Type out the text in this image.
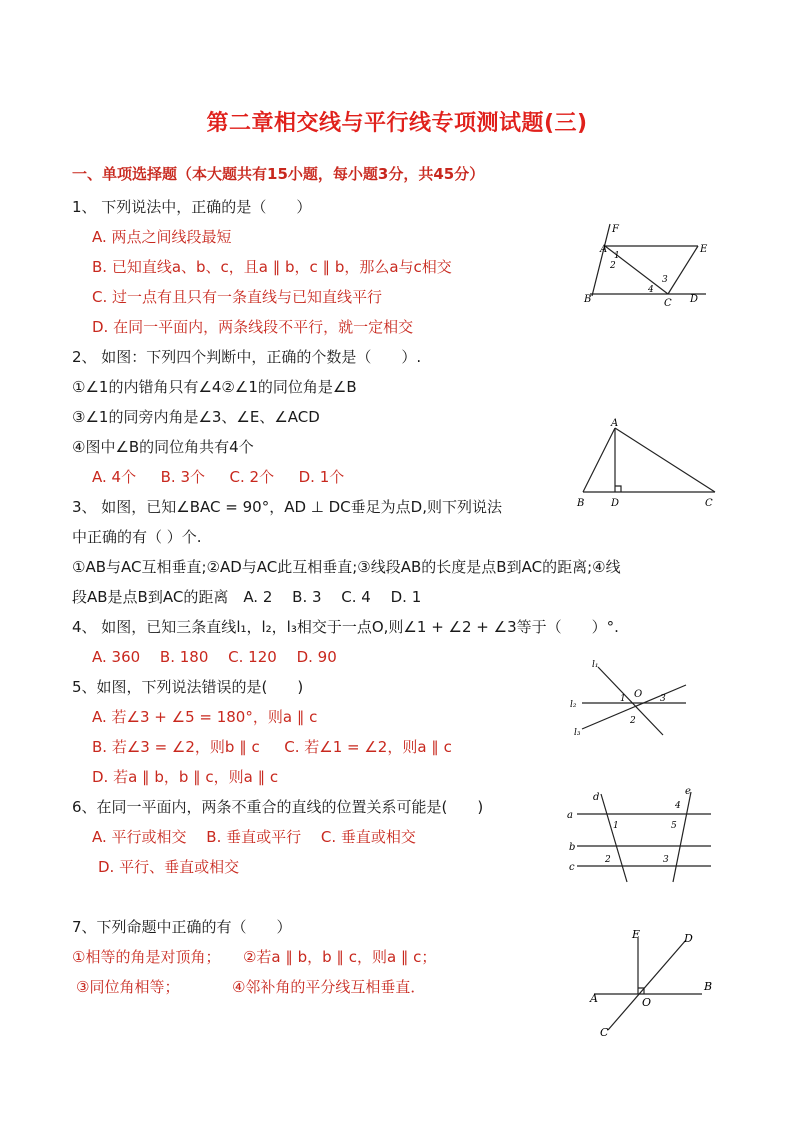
第二章相交线与平行线专项测试题(三)
一、单项选择题（本大题共有15小题，每小题3分，共45分）
1、 下列说法中，正确的是（　　）
A. 两点之间线段最短
B. 已知直线a、b、c，且a ∥ b，c ∥ b，那么a与c相交
C. 过一点有且只有一条直线与已知直线平行
D. 在同一平面内，两条线段不平行，就一定相交
2、 如图：下列四个判断中，正确的个数是（　　）.
①∠1的内错角只有∠4②∠1的同位角是∠B
③∠1的同旁内角是∠3、∠E、∠ACD
④图中∠B的同位角共有4个
A. 4个 　 B. 3个 　 C. 2个 　 D. 1个
3、 如图，已知∠BAC = 90°，AD ⊥ DC垂足为点D,则下列说法
中正确的有（ ）个.
①AB与AC互相垂直;②AD与AC此互相垂直;③线段AB的长度是点B到AC的距离;④线
段AB是点B到AC的距离　A. 2　 B. 3 　C. 4 　D. 1
4、 如图，已知三条直线l₁，l₂，l₃相交于一点O,则∠1 + ∠2 + ∠3等于（　　）°.
A. 360 　B. 180 　C. 120 　D. 90
5、如图，下列说法错误的是(　　)
A. 若∠3 + ∠5 = 180°，则a ∥ c
B. 若∠3 = ∠2，则b ∥ c 　 C. 若∠1 = ∠2，则a ∥ c
D. 若a ∥ b，b ∥ c，则a ∥ c
6、在同一平面内，两条不重合的直线的位置关系可能是(　　)
A. 平行或相交 　B. 垂直或平行 　C. 垂直或相交
D. 平行、垂直或相交
7、下列命题中正确的有（　　）
①相等的角是对顶角；　　②若a ∥ b，b ∥ c，则a ∥ c；
③同位角相等；　　　　④邻补角的平分线互相垂直．
A
F
E
B	C D
1
2
3
4
A
B	D	C
l₁
l₂
l₃
O
1
2
3
a
b
c
d
e
1
2	3
4
5
E	D
A
B
O
C
